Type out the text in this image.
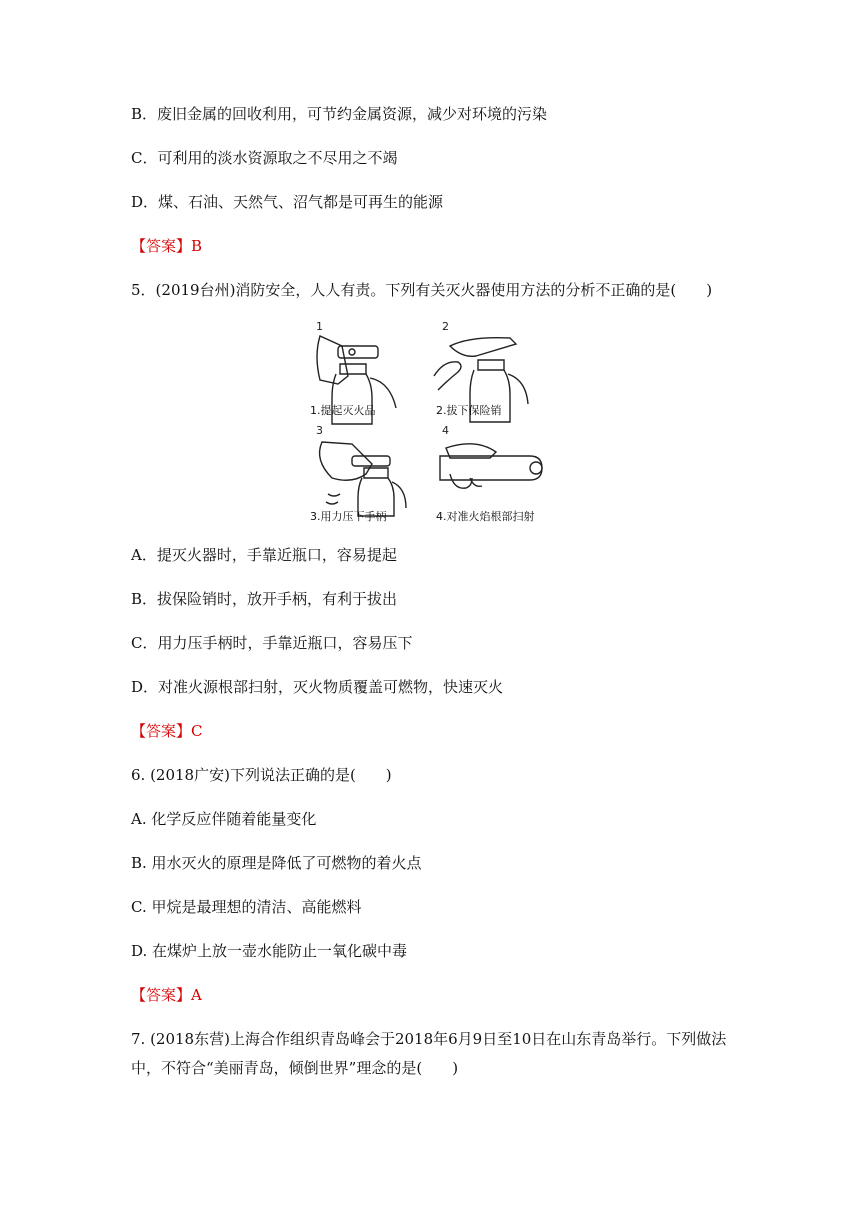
B．废旧金属的回收利用，可节约金属资源，减少对环境的污染
C．可利用的淡水资源取之不尽用之不竭
D．煤、石油、天然气、沼气都是可再生的能源
【答案】B
5．(2019台州)消防安全，人人有责。下列有关灭火器使用方法的分析不正确的是(　　)
1	2
3	4
1.提起灭火品	2.拔下保险销
3.用力压下手柄	4.对准火焰根部扫射
A．提灭火器时，手靠近瓶口，容易提起
B．拔保险销时，放开手柄，有利于拔出
C．用力压手柄时，手靠近瓶口，容易压下
D．对准火源根部扫射，灭火物质覆盖可燃物，快速灭火
【答案】C
6. (2018广安)下列说法正确的是(　　)
A. 化学反应伴随着能量变化
B. 用水灭火的原理是降低了可燃物的着火点
C. 甲烷是最理想的清洁、高能燃料
D. 在煤炉上放一壶水能防止一氧化碳中毒
【答案】A
7. (2018东营)上海合作组织青岛峰会于2018年6月9日至10日在山东青岛举行。下列做法
中，不符合“美丽青岛，倾倒世界”理念的是(　　)
